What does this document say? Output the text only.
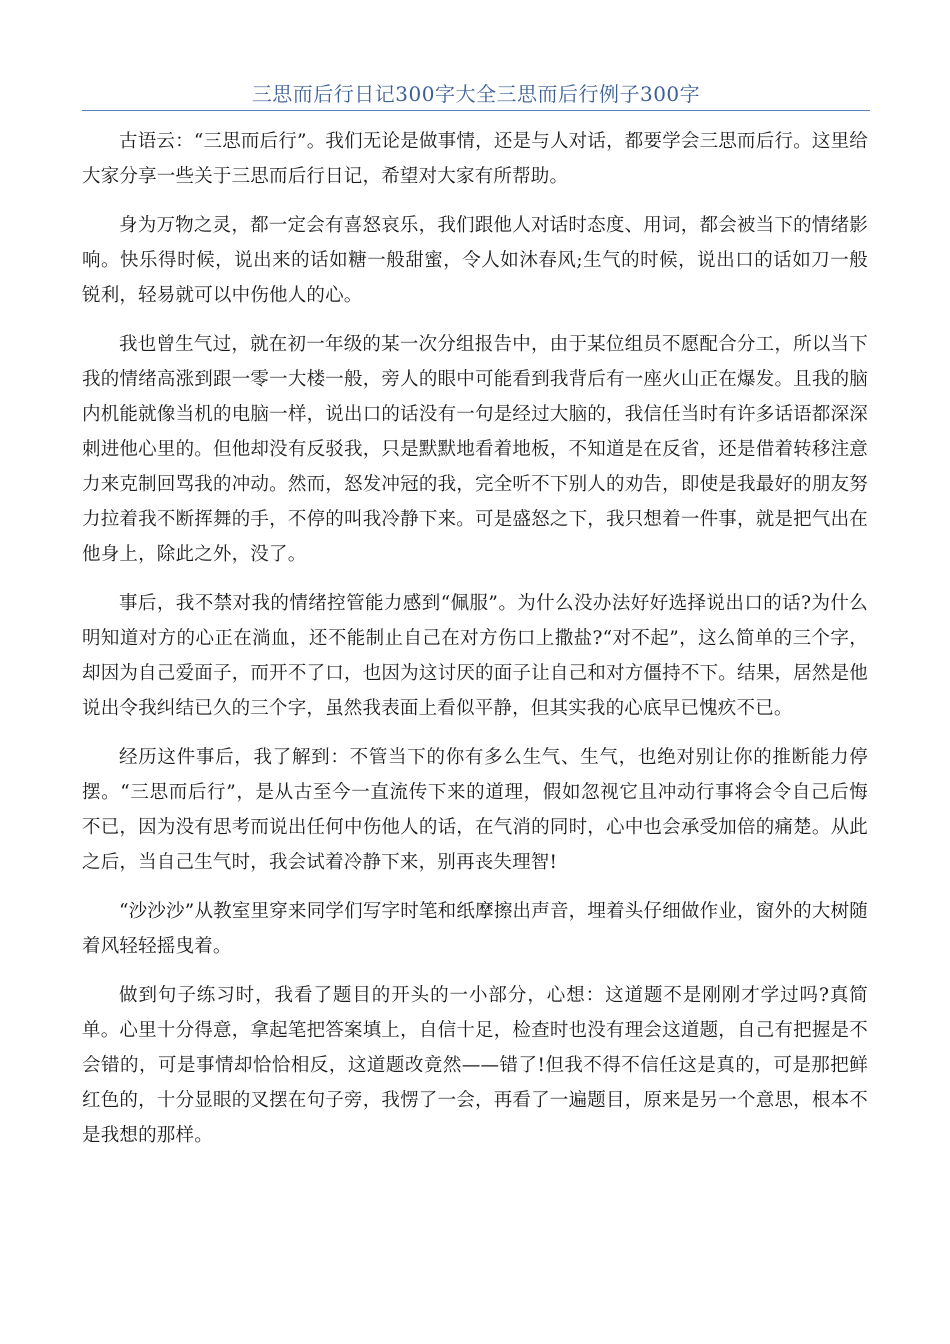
三思而后行日记300字大全三思而后行例子300字

古语云：“三思而后行”。我们无论是做事情，还是与人对话，都要学会三思而后行。这里给大家分享一些关于三思而后行日记，希望对大家有所帮助。

身为万物之灵，都一定会有喜怒哀乐，我们跟他人对话时态度、用词，都会被当下的情绪影响。快乐得时候，说出来的话如糖一般甜蜜，令人如沐春风;生气的时候，说出口的话如刀一般锐利，轻易就可以中伤他人的心。

我也曾生气过，就在初一年级的某一次分组报告中，由于某位组员不愿配合分工，所以当下我的情绪高涨到跟一零一大楼一般，旁人的眼中可能看到我背后有一座火山正在爆发。且我的脑内机能就像当机的电脑一样，说出口的话没有一句是经过大脑的，我信任当时有许多话语都深深刺进他心里的。但他却没有反驳我，只是默默地看着地板，不知道是在反省，还是借着转移注意力来克制回骂我的冲动。然而，怒发冲冠的我，完全听不下别人的劝告，即使是我最好的朋友努力拉着我不断挥舞的手，不停的叫我冷静下来。可是盛怒之下，我只想着一件事，就是把气出在他身上，除此之外，没了。

事后，我不禁对我的情绪控管能力感到“佩服”。为什么没办法好好选择说出口的话?为什么明知道对方的心正在淌血，还不能制止自己在对方伤口上撒盐?“对不起”，这么简单的三个字，却因为自己爱面子，而开不了口，也因为这讨厌的面子让自己和对方僵持不下。结果，居然是他说出令我纠结已久的三个字，虽然我表面上看似平静，但其实我的心底早已愧疚不已。

经历这件事后，我了解到：不管当下的你有多么生气、生气，也绝对别让你的推断能力停摆。“三思而后行”，是从古至今一直流传下来的道理，假如忽视它且冲动行事将会令自己后悔不已，因为没有思考而说出任何中伤他人的话，在气消的同时，心中也会承受加倍的痛楚。从此之后，当自己生气时，我会试着冷静下来，别再丧失理智!

“沙沙沙”从教室里穿来同学们写字时笔和纸摩擦出声音，埋着头仔细做作业，窗外的大树随着风轻轻摇曳着。

做到句子练习时，我看了题目的开头的一小部分，心想：这道题不是刚刚才学过吗?真简单。心里十分得意，拿起笔把答案填上，自信十足，检查时也没有理会这道题，自己有把握是不会错的，可是事情却恰恰相反，这道题改竟然——错了!但我不得不信任这是真的，可是那把鲜红色的，十分显眼的叉摆在句子旁，我愣了一会，再看了一遍题目，原来是另一个意思，根本不是我想的那样。
